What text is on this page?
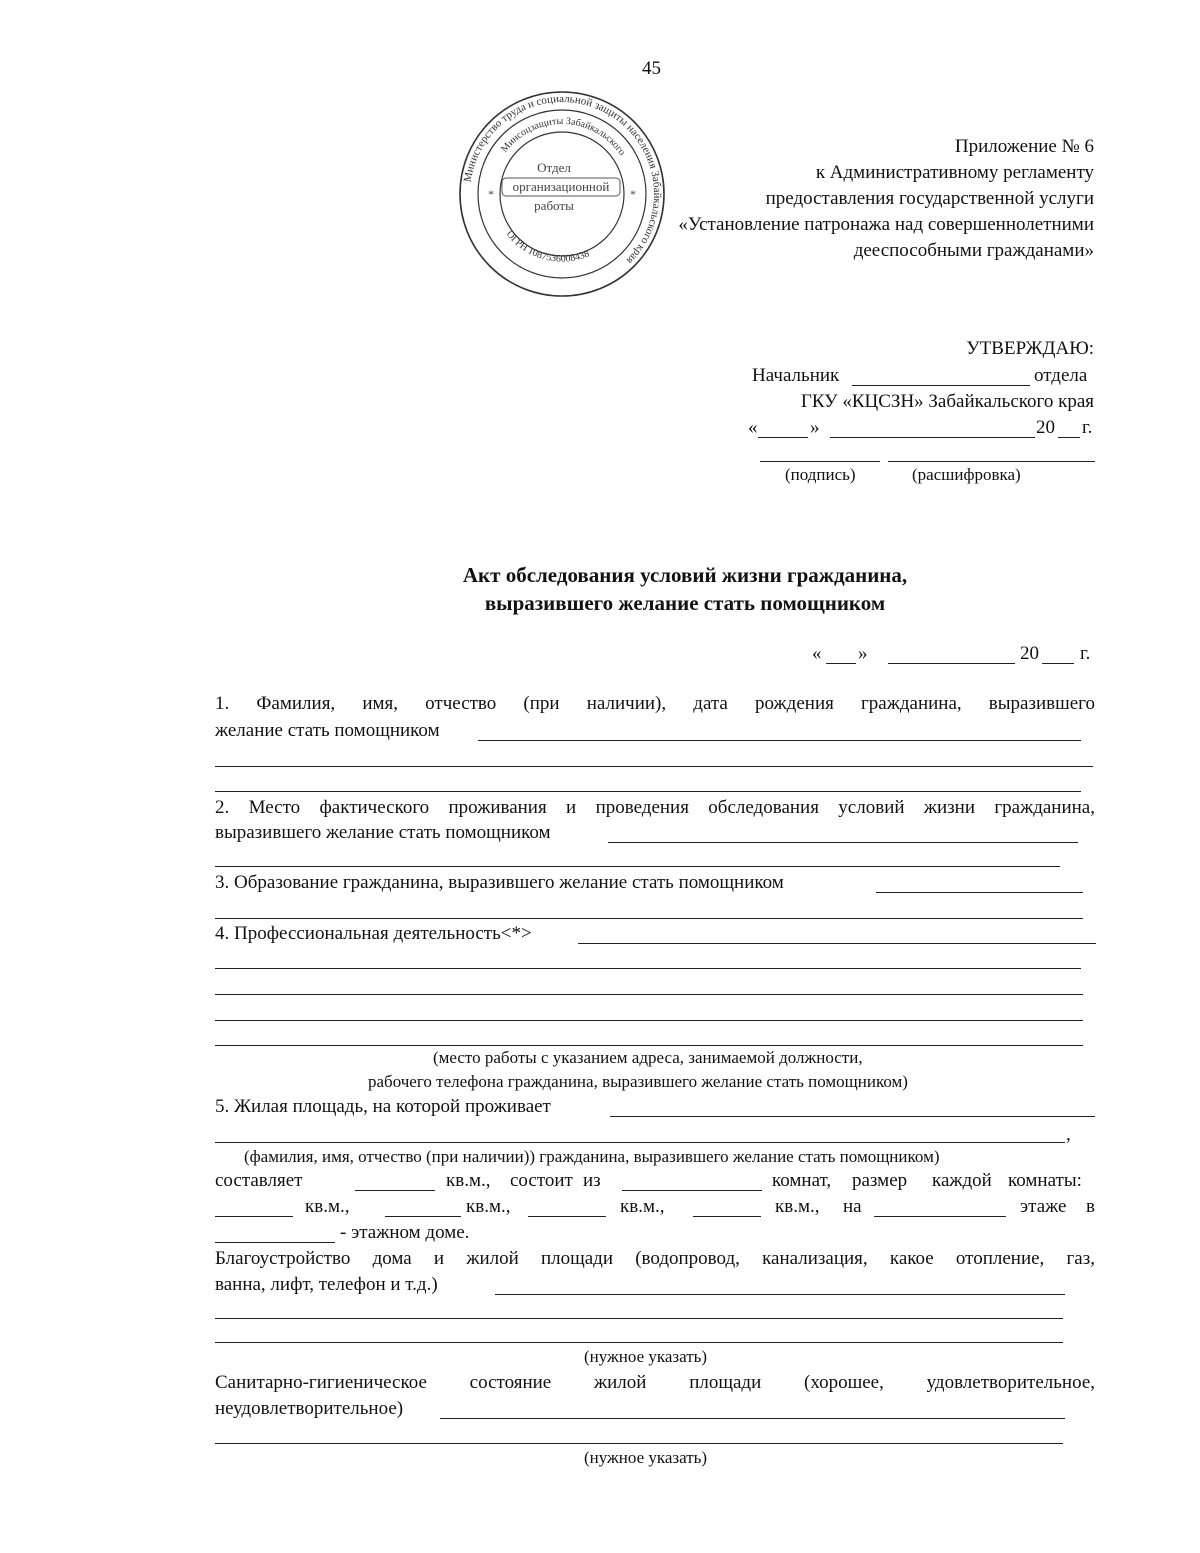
45
Министерство труда и социальной защиты населения Забайкальского края
Минсоцзащиты Забайкальского
ОГРН 1087536008438
Отдел
организационной
работы
*	*
Приложение № 6
к Административному регламенту
предоставления государственной услуги
«Установление патронажа над совершеннолетними
дееспособными гражданами»
УТВЕРЖДАЮ:
Начальник	отдела
ГКУ «КЦСЗН» Забайкальского края
«	»	20 г.
(подпись)	(расшифровка)
Акт обследования условий жизни гражданина,
выразившего желание стать помощником
« »	20 г.
1. Фамилия, имя, отчество (при наличии), дата рождения гражданина, выразившего
желание стать помощником
2. Место фактического проживания и проведения обследования условий жизни гражданина,
выразившего желание стать помощником
3. Образование гражданина, выразившего желание стать помощником
4. Профессиональная деятельность<*>
(место работы с указанием адреса, занимаемой должности,
рабочего телефона гражданина, выразившего желание стать помощником)
5. Жилая площадь, на которой проживает
,
(фамилия, имя, отчество (при наличии)) гражданина, выразившего желание стать помощником)
составляет	кв.м., состоит из	комнат, размер каждой комнаты:
кв.м.,	кв.м.,	кв.м.,	кв.м., на	этаже в
- этажном доме.
Благоустройство дома и жилой площади (водопровод, канализация, какое отопление, газ,
ванна, лифт, телефон и т.д.)
(нужное указать)
Санитарно-гигиеническое состояние жилой площади (хорошее, удовлетворительное,
неудовлетворительное)
(нужное указать)
